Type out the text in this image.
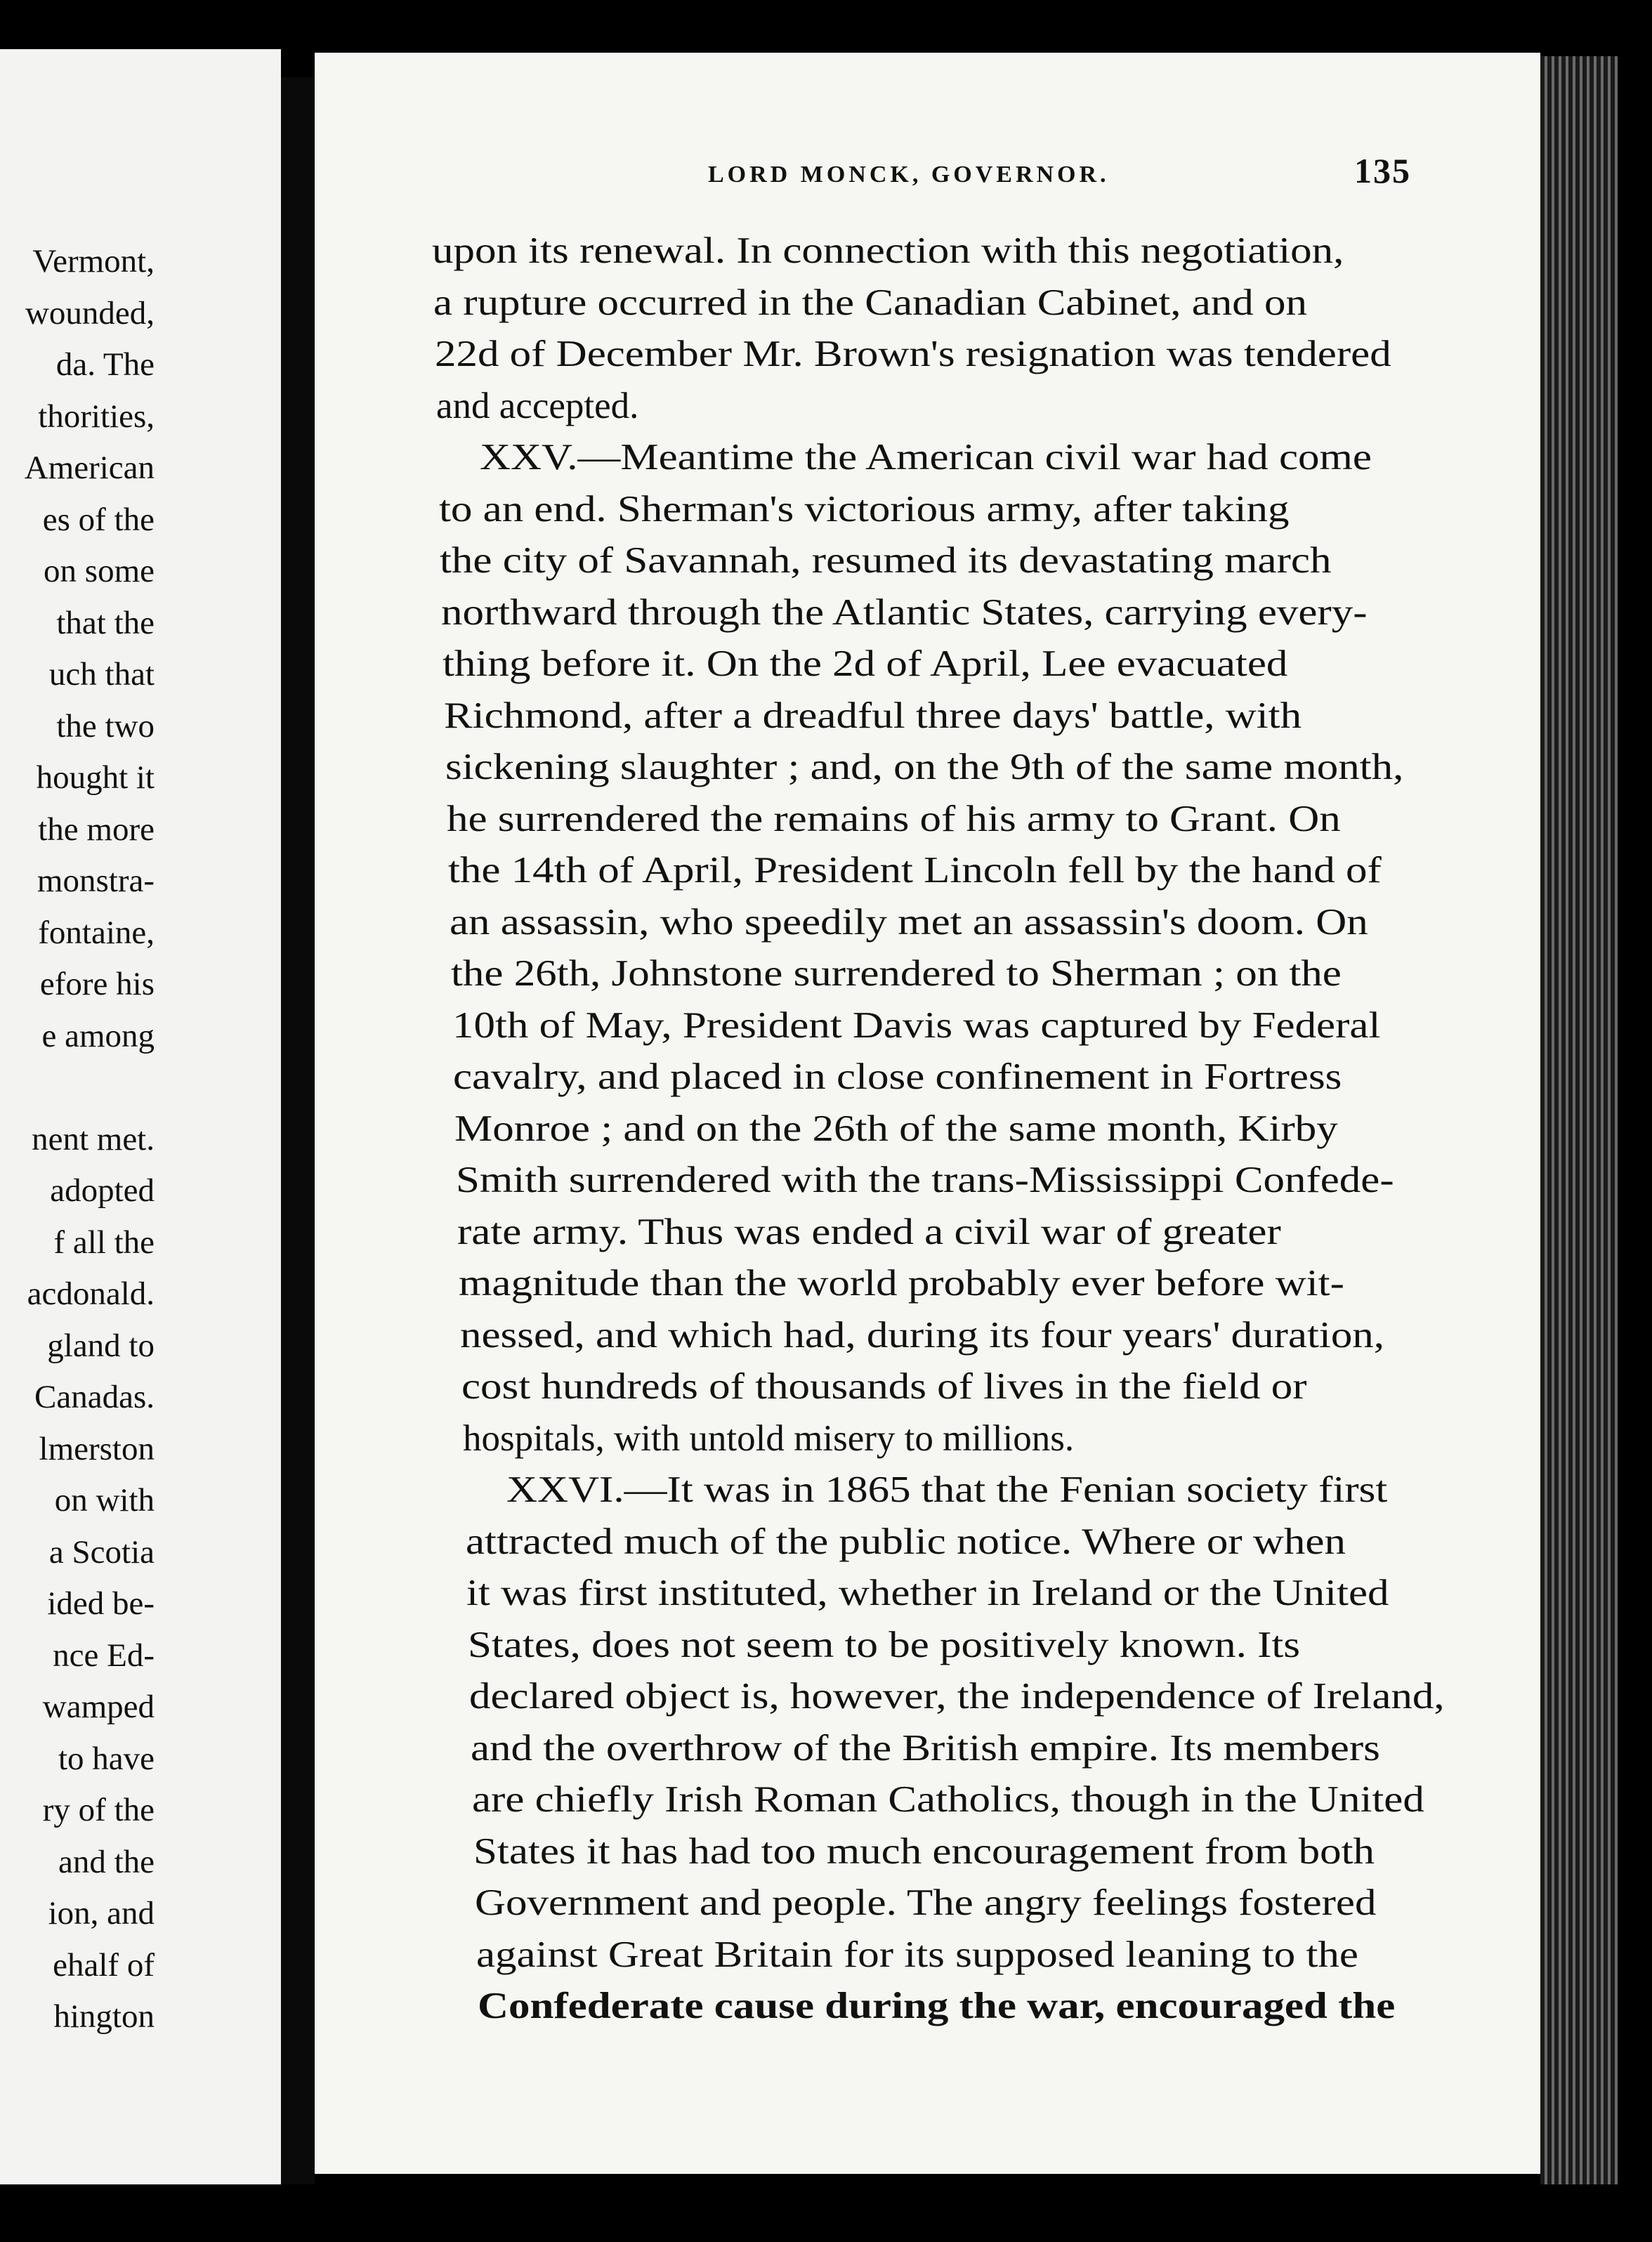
Vermont,
wounded,
da. The
thorities,
American
es of the
on some
that the
uch that
the two
hought it
the more
monstra-
fontaine,
efore his
e among
nent met.
adopted
f all the
acdonald.
gland to
Canadas.
lmerston
on with
a Scotia
ided be-
nce Ed-
wamped
to have
ry of the
and the
ion, and
ehalf of
hington
LORD MONCK, GOVERNOR.	135
upon its renewal. In connection with this negotiation,
a rupture occurred in the Canadian Cabinet, and on
22d of December Mr. Brown's resignation was tendered
and accepted.
XXV.—Meantime the American civil war had come
to an end. Sherman's victorious army, after taking
the city of Savannah, resumed its devastating march
northward through the Atlantic States, carrying every-
thing before it. On the 2d of April, Lee evacuated
Richmond, after a dreadful three days' battle, with
sickening slaughter ; and, on the 9th of the same month,
he surrendered the remains of his army to Grant. On
the 14th of April, President Lincoln fell by the hand of
an assassin, who speedily met an assassin's doom. On
the 26th, Johnstone surrendered to Sherman ; on the
10th of May, President Davis was captured by Federal
cavalry, and placed in close confinement in Fortress
Monroe ; and on the 26th of the same month, Kirby
Smith surrendered with the trans-Mississippi Confede-
rate army. Thus was ended a civil war of greater
magnitude than the world probably ever before wit-
nessed, and which had, during its four years' duration,
cost hundreds of thousands of lives in the field or
hospitals, with untold misery to millions.
XXVI.—It was in 1865 that the Fenian society first
attracted much of the public notice. Where or when
it was first instituted, whether in Ireland or the United
States, does not seem to be positively known. Its
declared object is, however, the independence of Ireland,
and the overthrow of the British empire. Its members
are chiefly Irish Roman Catholics, though in the United
States it has had too much encouragement from both
Government and people. The angry feelings fostered
against Great Britain for its supposed leaning to the
Confederate cause during the war, encouraged the
